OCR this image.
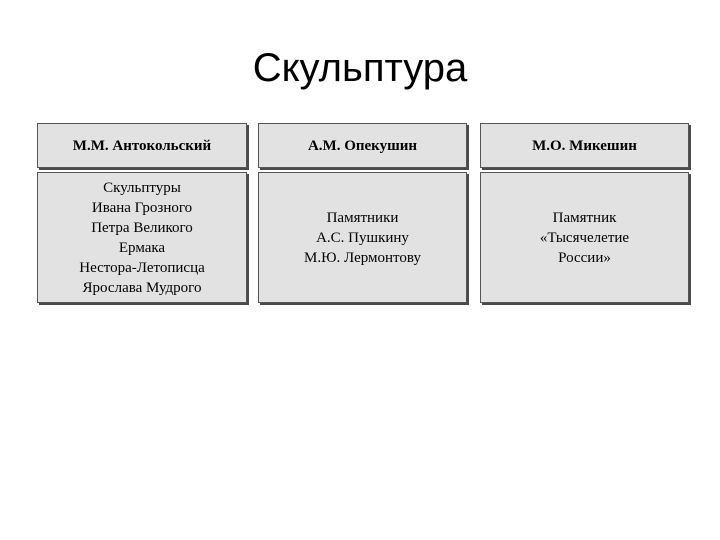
Скульптура
М.М. Антокольский	А.М. Опекушин	М.О. Микешин
Скульптуры
Ивана Грозного
Петра Великого
Ермака
Нестора-Летописца
Ярослава Мудрого
Памятники
А.С. Пушкину
М.Ю. Лермонтову
Памятник
«Тысячелетие
России»
